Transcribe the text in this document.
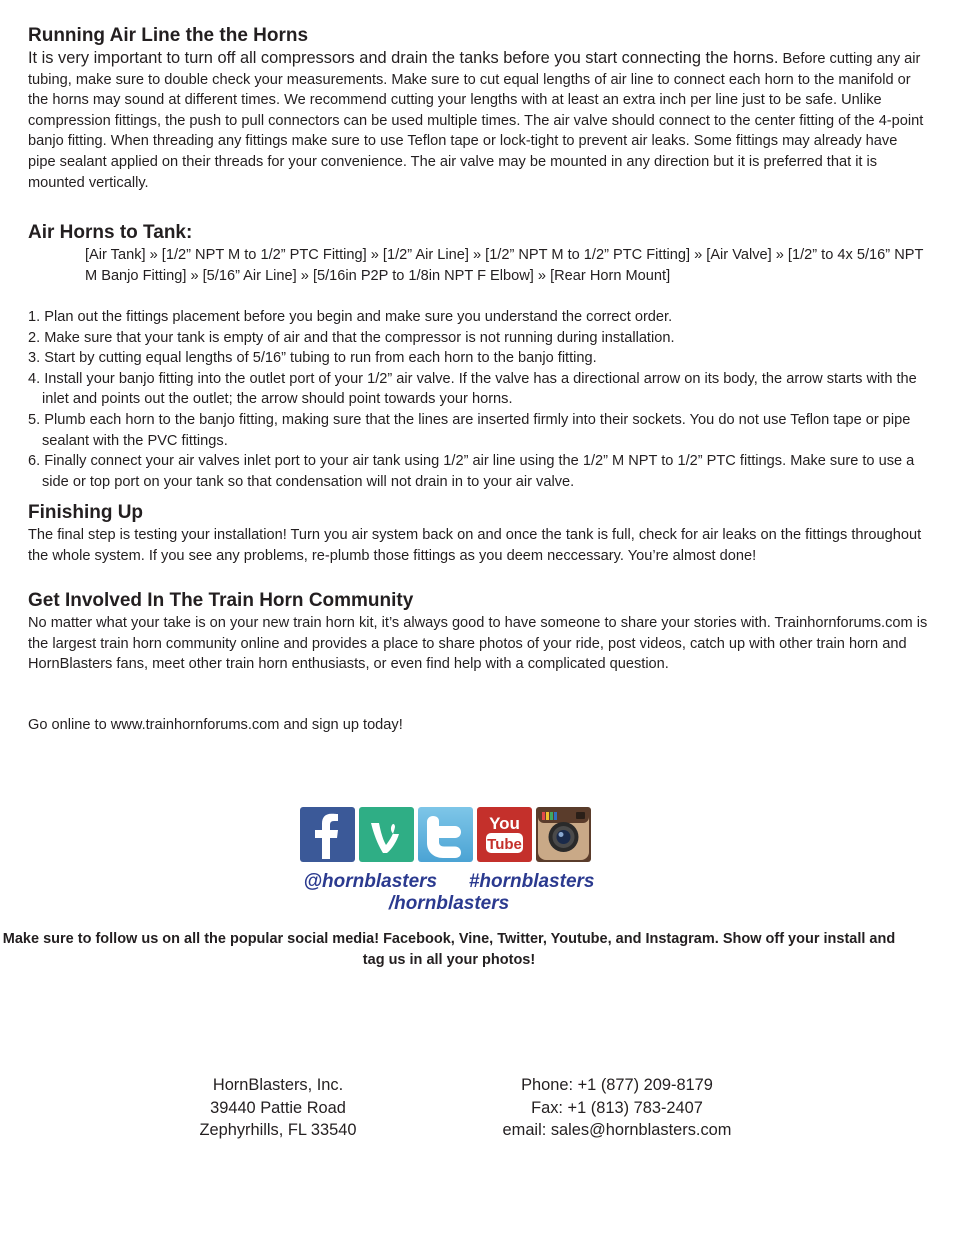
Running Air Line the the Horns

It is very important to turn off all compressors and drain the tanks before you start connecting the horns. Before cutting any air tubing, make sure to double check your measurements. Make sure to cut equal lengths of air line to connect each horn to the manifold or the horns may sound at different times. We recommend cutting your lengths with at least an extra inch per line just to be safe. Unlike compression fittings, the push to pull connectors can be used multiple times. The air valve should connect to the center fitting of the 4-point banjo fitting. When threading any fittings make sure to use Teflon tape or lock-tight to prevent air leaks. Some fittings may already have pipe sealant applied on their threads for your convenience. The air valve may be mounted in any direction but it is preferred that it is mounted vertically.

Air Horns to Tank:

[Air Tank] » [1/2” NPT M to 1/2” PTC Fitting] » [1/2” Air Line] » [1/2” NPT M to 1/2” PTC Fitting] » [Air Valve] » [1/2” to 4x 5/16” NPT M Banjo Fitting] » [5/16” Air Line] » [5/16in P2P to 1/8in NPT F Elbow] » [Rear Horn Mount]

1. Plan out the fittings placement before you begin and make sure you understand the correct order.
2. Make sure that your tank is empty of air and that the compressor is not running during installation.
3. Start by cutting equal lengths of 5/16” tubing to run from each horn to the banjo fitting.
4. Install your banjo fitting into the outlet port of your 1/2” air valve. If the valve has a directional arrow on its body, the arrow starts with the inlet and points out the outlet; the arrow should point towards your horns.
5. Plumb each horn to the banjo fitting, making sure that the lines are inserted firmly into their sockets. You do not use Teflon tape or pipe sealant with the PVC fittings.
6. Finally connect your air valves inlet port to your air tank using 1/2” air line using the 1/2” M NPT to 1/2” PTC fittings. Make sure to use a side or top port on your tank so that condensation will not drain in to your air valve.
Finishing Up

The final step is testing your installation! Turn you air system back on and once the tank is full, check for air leaks on the fittings throughout the whole system. If you see any problems, re-plumb those fittings as you deem neccessary. You’re almost done!

Get Involved In The Train Horn Community

No matter what your take is on your new train horn kit, it’s always good to have someone to share your stories with. Trainhornforums.com is the largest train horn community online and provides a place to share photos of your ride, post videos, catch up with other train horn and HornBlasters fans, meet other train horn enthusiasts, or even find help with a complicated question.

Go online to www.trainhornforums.com and sign up today!

You
Tube
@hornblasters #hornblasters
/hornblasters
Make sure to follow us on all the popular social media! Facebook, Vine, Twitter, Youtube, and Instagram. Show off your install and tag us in all your photos!
HornBlasters, Inc.
39440 Pattie Road
Zephyrhills, FL 33540
Phone: +1 (877) 209-8179
Fax: +1 (813) 783-2407
email: sales@hornblasters.com
